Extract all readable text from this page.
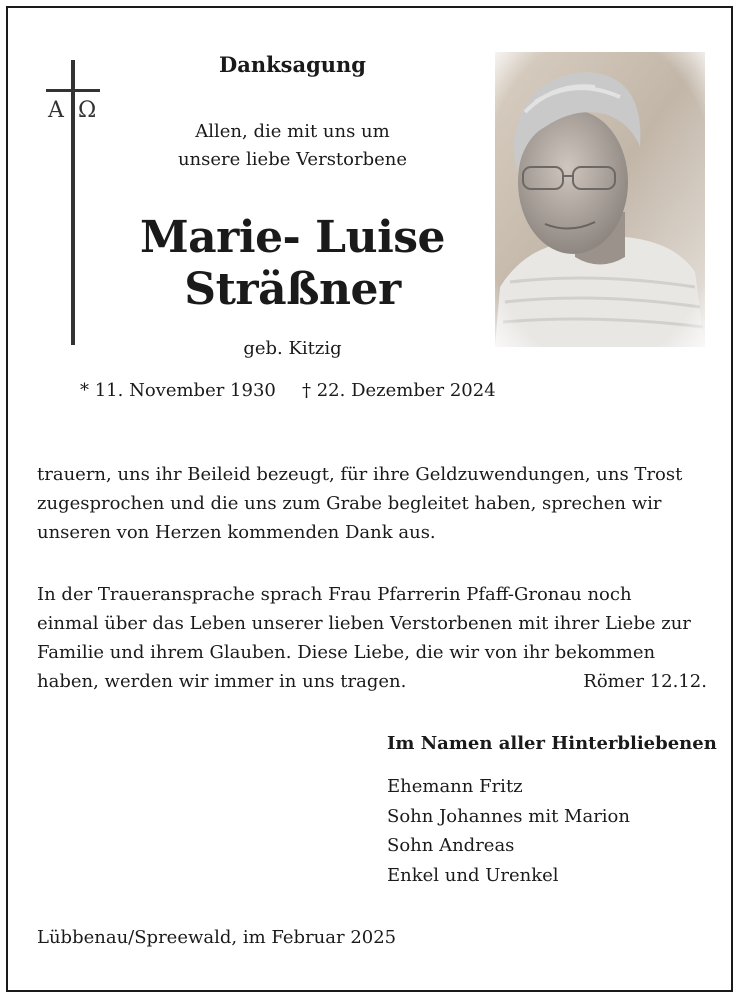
A Ω
Danksagung
Allen, die mit uns um
unsere liebe Verstorbene
Marie- Luise
Sträßner
geb. Kitzig
* 11. November 1930 † 22. Dezember 2024
trauern, uns ihr Beileid bezeugt, für ihre Geldzuwendungen, uns Trost
zugesprochen und die uns zum Grabe begleitet haben, sprechen wir
unseren von Herzen kommenden Dank aus.
In der Traueransprache sprach Frau Pfarrerin Pfaff-Gronau noch
einmal über das Leben unserer lieben Verstorbenen mit ihrer Liebe zur
Familie und ihrem Glauben. Diese Liebe, die wir von ihr bekommen
haben, werden wir immer in uns tragen.	Römer 12.12.
Im Namen aller Hinterbliebenen
Ehemann Fritz
Sohn Johannes mit Marion
Sohn Andreas
Enkel und Urenkel
Lübbenau/Spreewald, im Februar 2025
